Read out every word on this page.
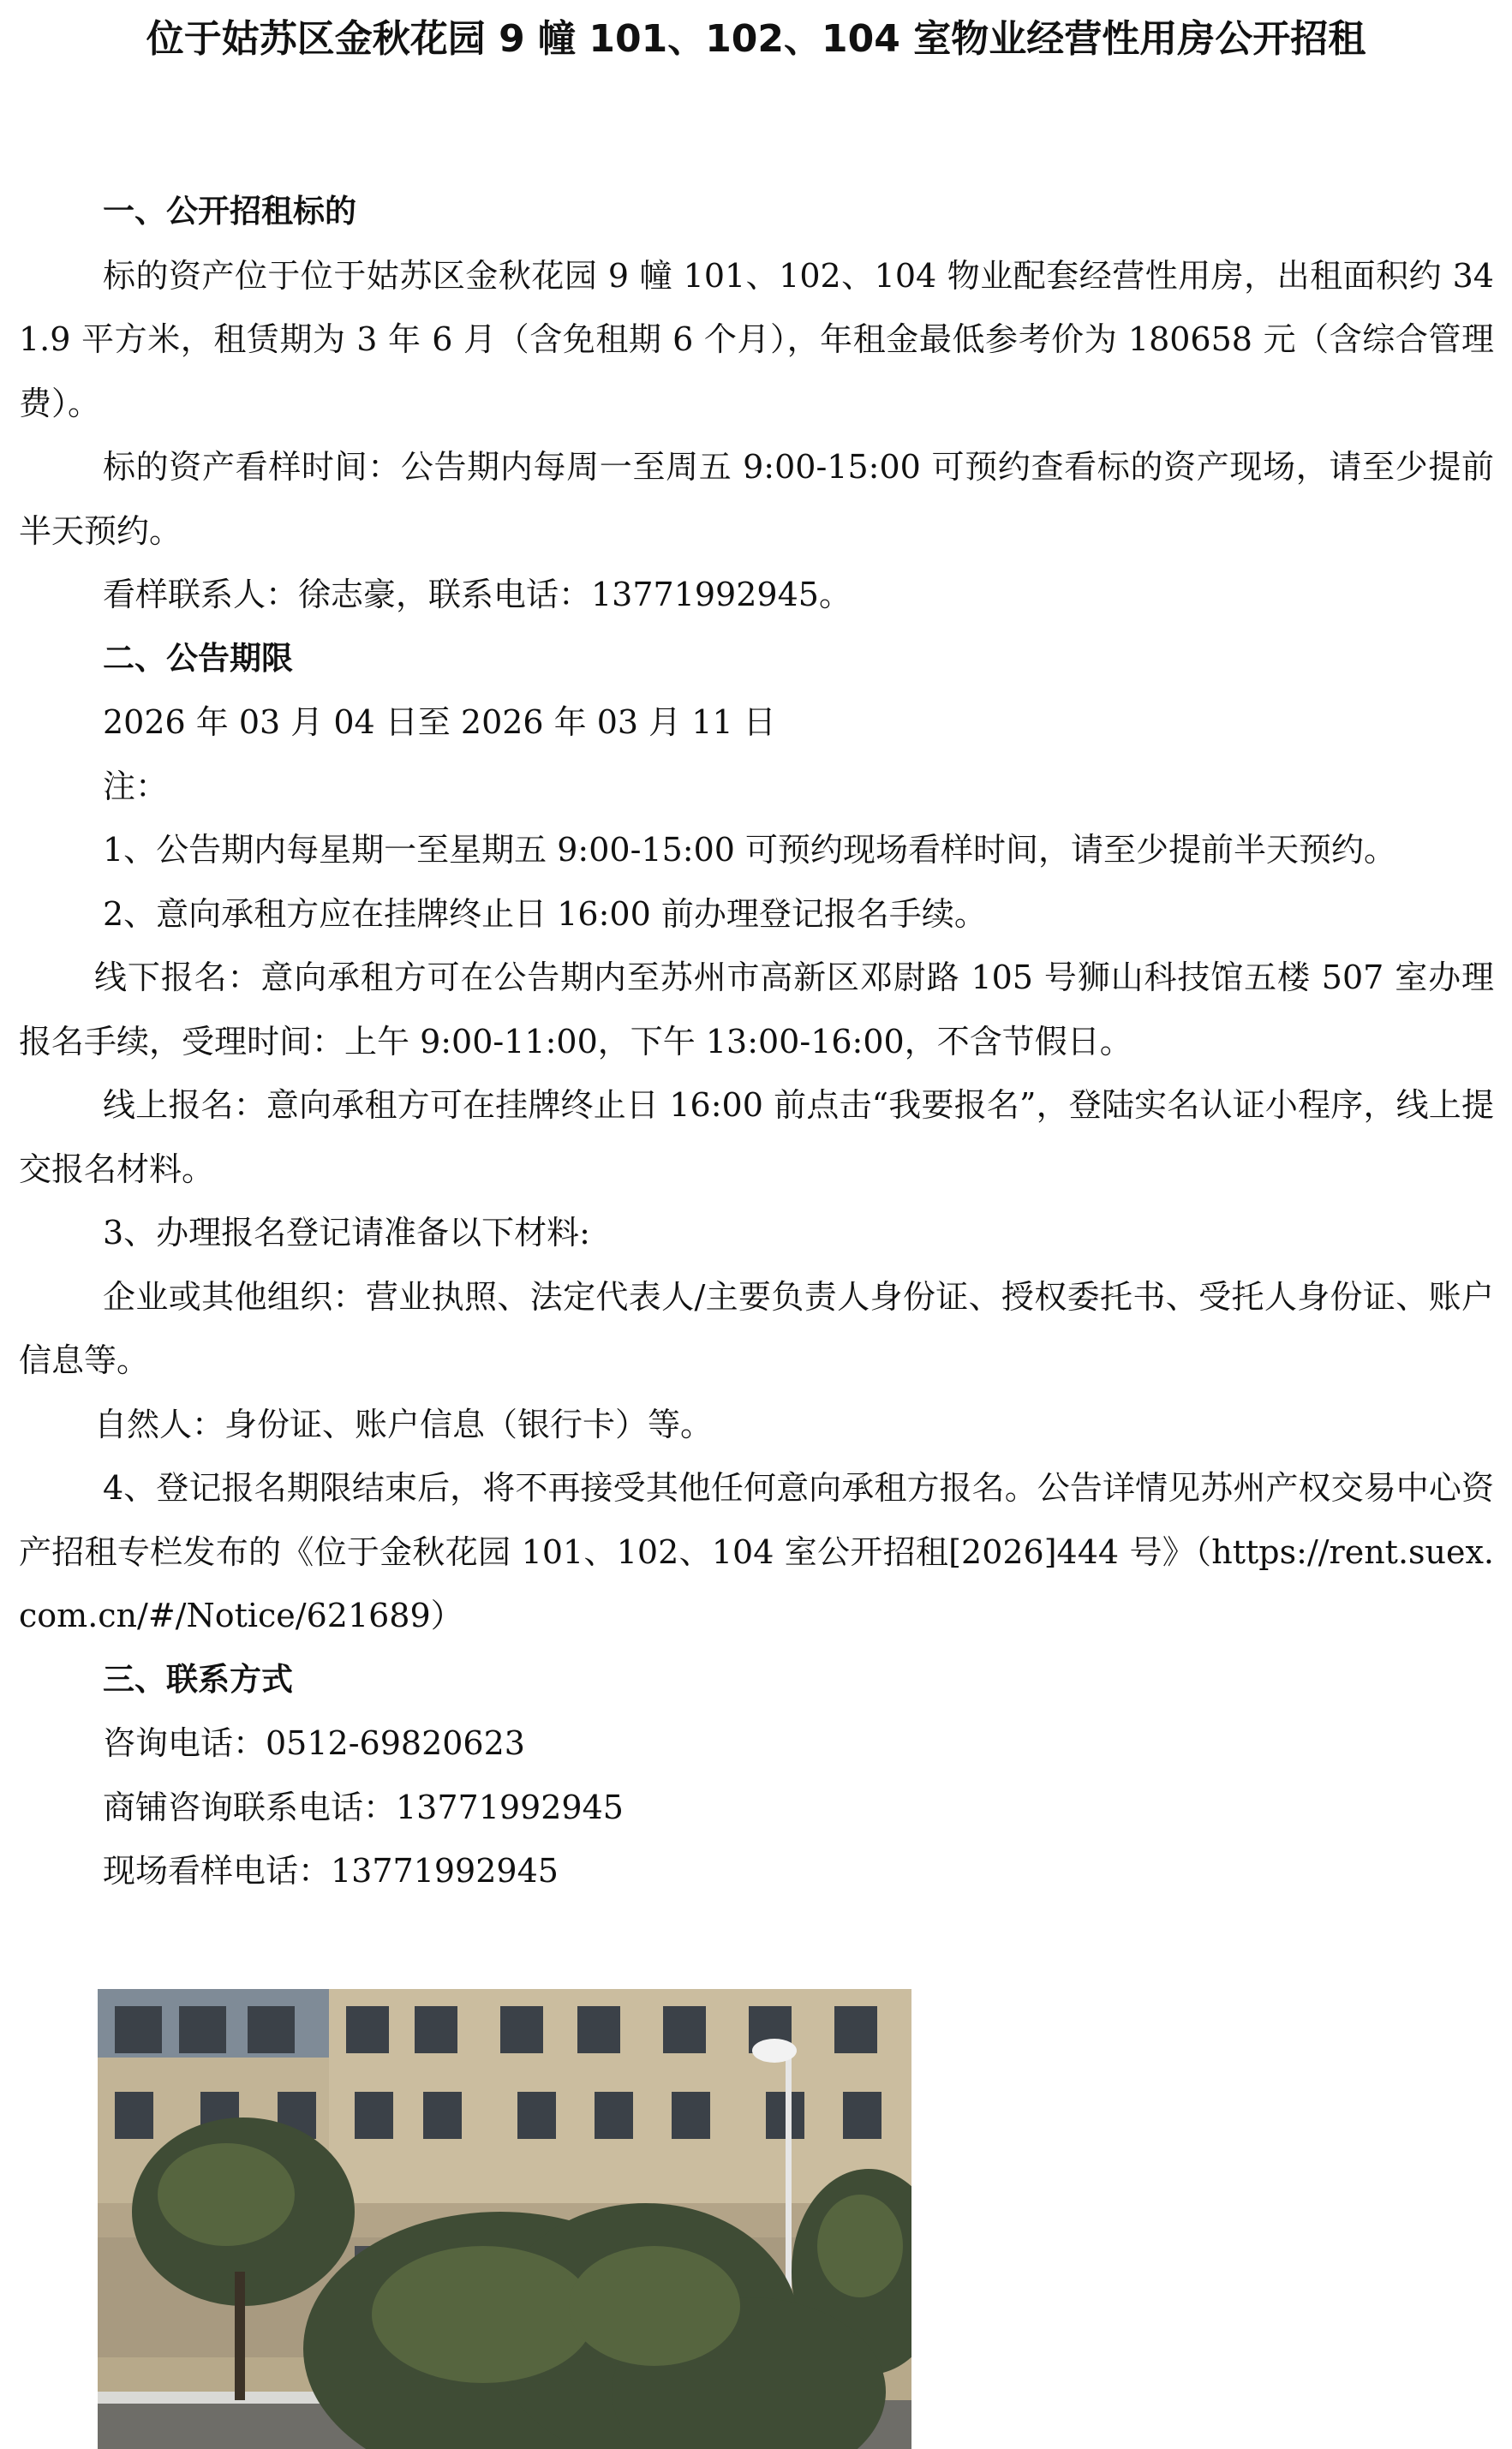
位于姑苏区金秋花园 9 幢 101、102、104 室物业经营性用房公开招租

一、公开招租标的

标的资产位于位于姑苏区金秋花园 9 幢 101、102、104 物业配套经营性用房，出租面积约 341.9 平方米，租赁期为 3 年 6 月（含免租期 6 个月），年租金最低参考价为 180658 元（含综合管理费）。

标的资产看样时间：公告期内每周一至周五 9:00-15:00 可预约查看标的资产现场，请至少提前半天预约。

看样联系人：徐志豪，联系电话：13771992945。

二、公告期限

2026 年 03 月 04 日至 2026 年 03 月 11 日

注：

1、公告期内每星期一至星期五 9:00-15:00 可预约现场看样时间，请至少提前半天预约。

2、意向承租方应在挂牌终止日 16:00 前办理登记报名手续。

线下报名：意向承租方可在公告期内至苏州市高新区邓尉路 105 号狮山科技馆五楼 507 室办理报名手续，受理时间：上午 9:00-11:00，下午 13:00-16:00，不含节假日。

线上报名：意向承租方可在挂牌终止日 16:00 前点击“我要报名”，登陆实名认证小程序，线上提交报名材料。

3、办理报名登记请准备以下材料:

企业或其他组织：营业执照、法定代表人/主要负责人身份证、授权委托书、受托人身份证、账户信息等。

自然人：身份证、账户信息（银行卡）等。

4、登记报名期限结束后，将不再接受其他任何意向承租方报名。公告详情见苏州产权交易中心资产招租专栏发布的《位于金秋花园 101、102、104 室公开招租[2026]444 号》（https://rent.suex.com.cn/#/Notice/621689）

三、联系方式

咨询电话：0512-69820623

商铺咨询联系电话：13771992945

现场看样电话：13771992945
